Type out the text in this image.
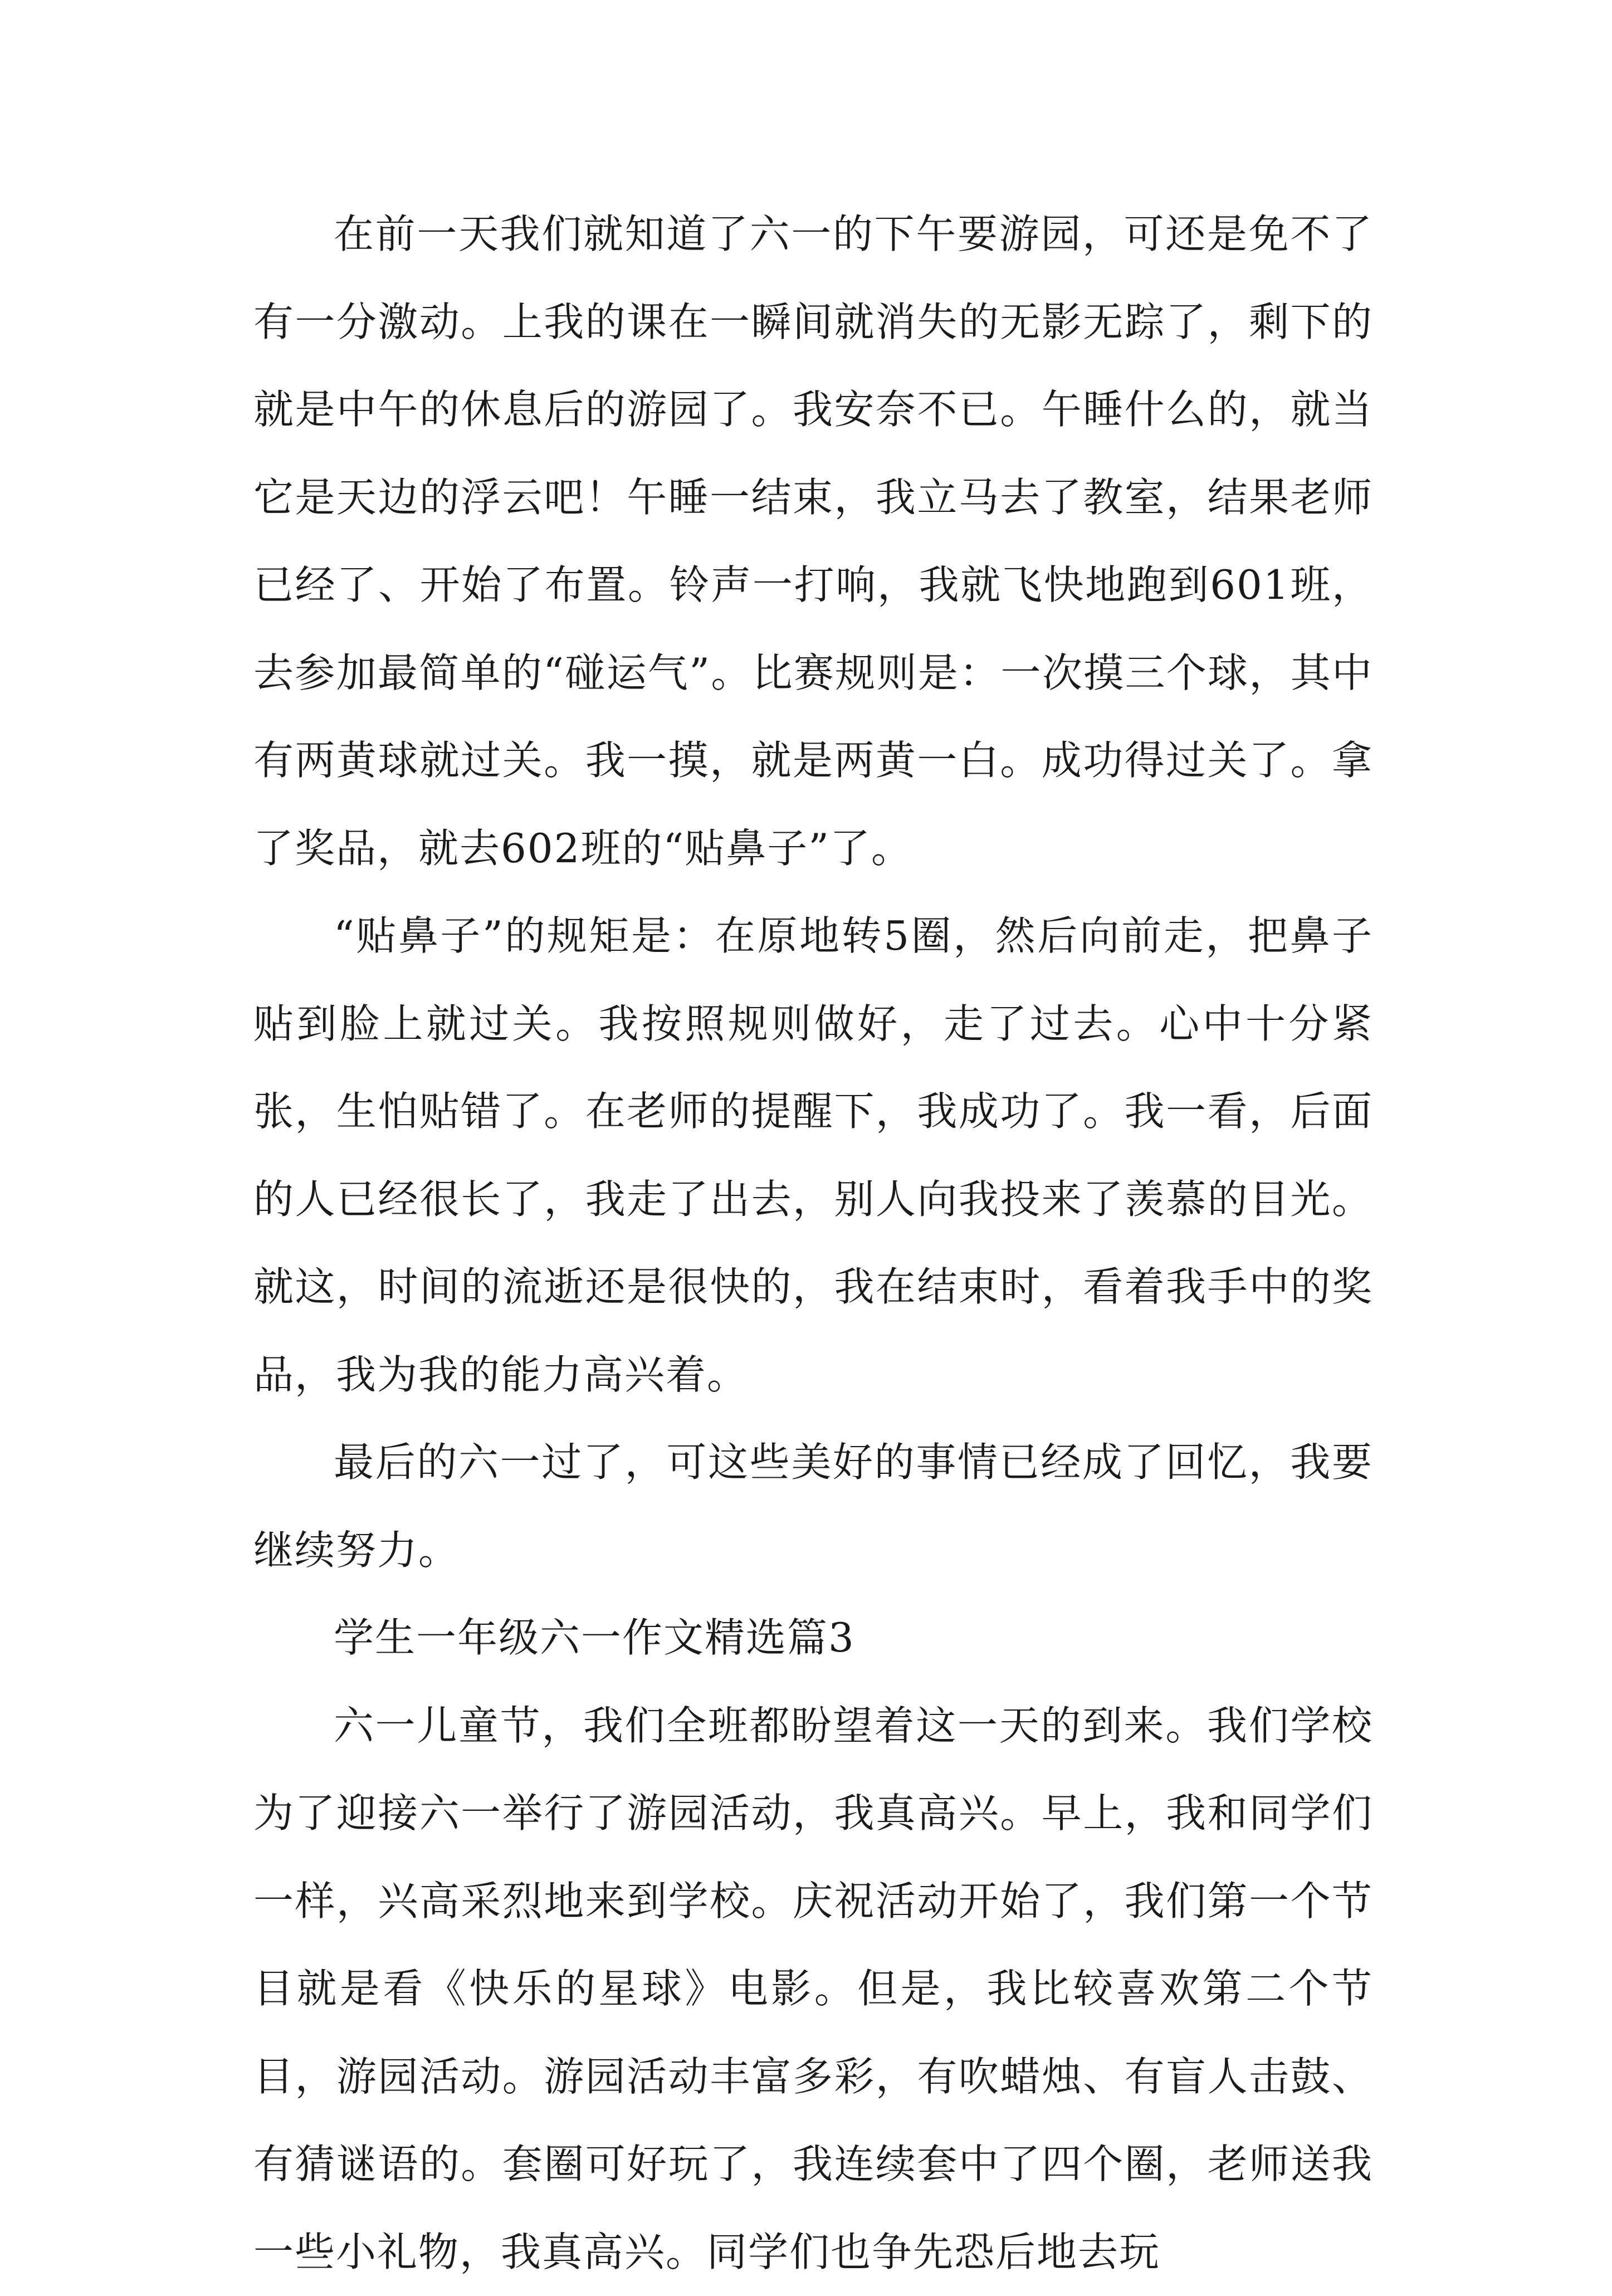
在前一天我们就知道了六一的下午要游园，可还是免不了有一分激动。上我的课在一瞬间就消失的无影无踪了，剩下的就是中午的休息后的游园了。我安奈不已。午睡什么的，就当它是天边的浮云吧！午睡一结束，我立马去了教室，结果老师已经了、开始了布置。铃声一打响，我就飞快地跑到601班，去参加最简单的“碰运气”。比赛规则是：一次摸三个球，其中有两黄球就过关。我一摸，就是两黄一白。成功得过关了。拿了奖品，就去602班的“贴鼻子”了。

“贴鼻子”的规矩是：在原地转5圈，然后向前走，把鼻子贴到脸上就过关。我按照规则做好，走了过去。心中十分紧张，生怕贴错了。在老师的提醒下，我成功了。我一看，后面的人已经很长了，我走了出去，别人向我投来了羡慕的目光。就这，时间的流逝还是很快的，我在结束时，看着我手中的奖品，我为我的能力高兴着。

最后的六一过了，可这些美好的事情已经成了回忆，我要继续努力。

学生一年级六一作文精选篇3

六一儿童节，我们全班都盼望着这一天的到来。我们学校为了迎接六一举行了游园活动，我真高兴。早上，我和同学们一样，兴高采烈地来到学校。庆祝活动开始了，我们第一个节目就是看《快乐的星球》电影。但是，我比较喜欢第二个节目，游园活动。游园活动丰富多彩，有吹蜡烛、有盲人击鼓、有猜谜语的。套圈可好玩了，我连续套中了四个圈，老师送我一些小礼物，我真高兴。同学们也争先恐后地去玩
